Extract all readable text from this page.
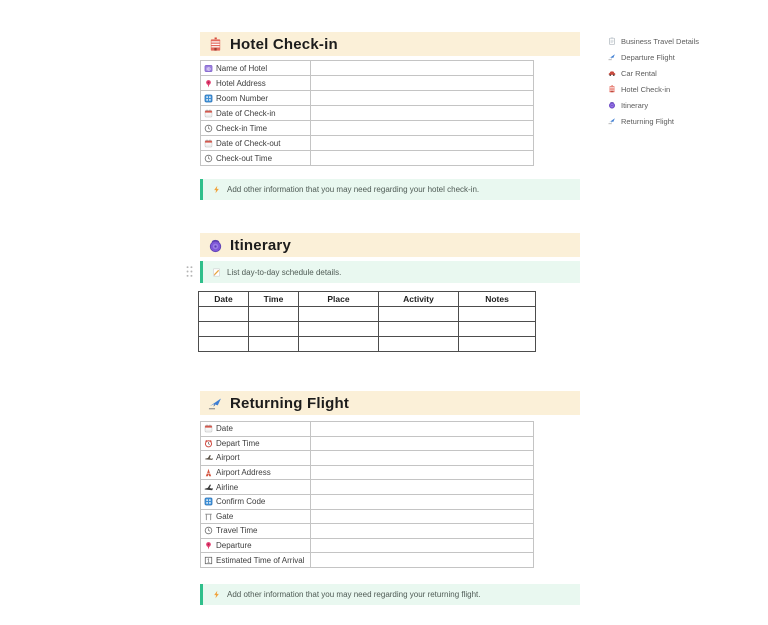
Hotel Check-in
Name of Hotel	

Hotel Address	

Room Number	

Date of Check-in	

Check-in Time	

Date of Check-out	

Check-out Time	

Add other information that you may need regarding your hotel check-in.
Itinerary
List day-to-day schedule details.
Date	Time	Place	Activity	Notes

Returning Flight
Date	

Depart Time	

Airport	

Airport Address	

Airline	

Confirm Code	

Gate	

Travel Time	

Departure	

Estimated Time of Arrival	

Add other information that you may need regarding your returning flight.
Business Travel Details
Departure Flight
Car Rental
Hotel Check-in
Itinerary
Returning Flight
